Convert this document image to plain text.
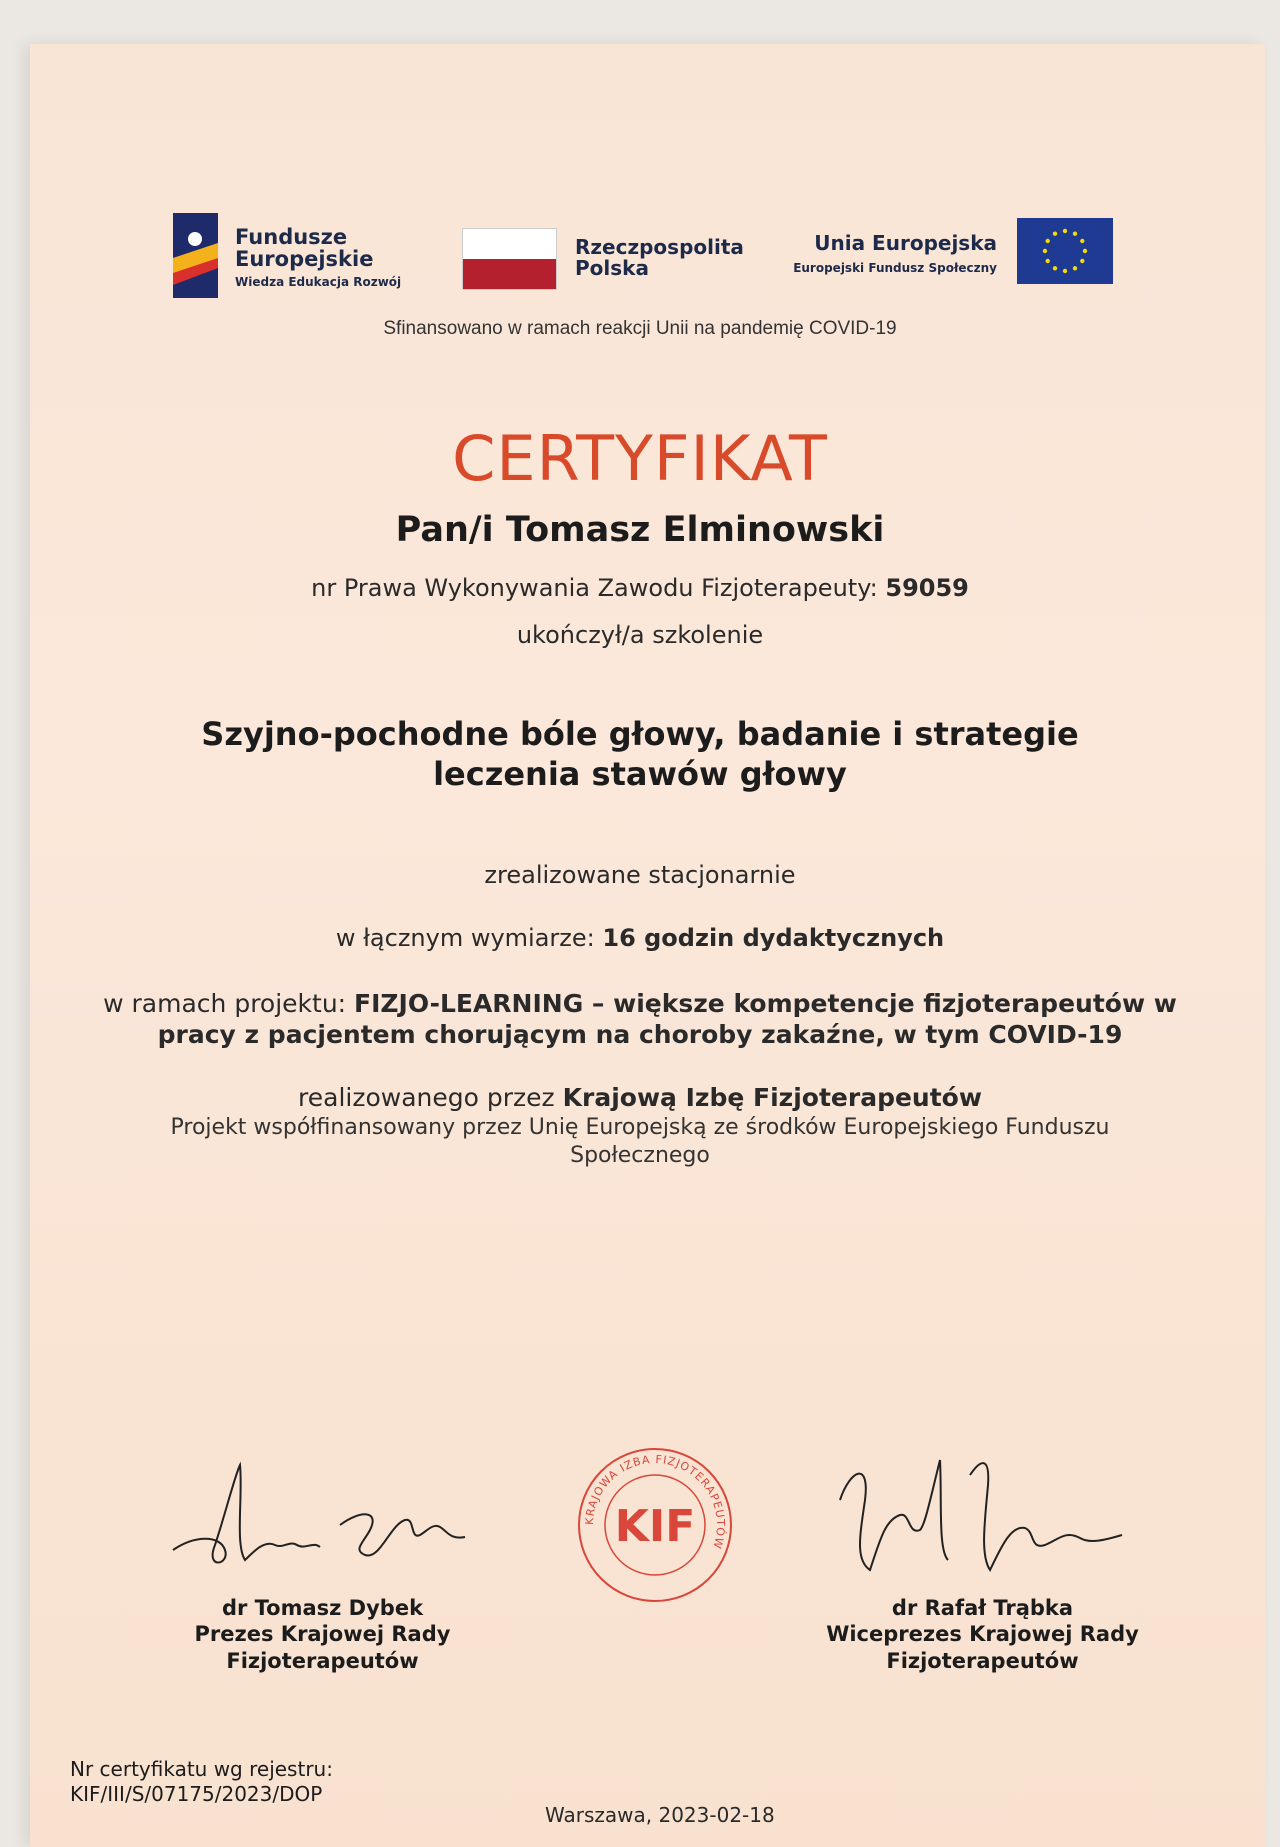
Fundusze
Europejskie
Wiedza Edukacja Rozwój
Rzeczpospolita
Polska
Unia Europejska
Europejski Fundusz Społeczny
Sfinansowano w ramach reakcji Unii na pandemię COVID-19
CERTYFIKAT
Pan/i Tomasz Elminowski
nr Prawa Wykonywania Zawodu Fizjoterapeuty: 59059
ukończył/a szkolenie
Szyjno-pochodne bóle głowy, badanie i strategie
leczenia stawów głowy
zrealizowane stacjonarnie
w łącznym wymiarze: 16 godzin dydaktycznych
w ramach projektu: FIZJO-LEARNING – większe kompetencje fizjoterapeutów w pracy z pacjentem chorującym na choroby zakaźne, w tym COVID-19
realizowanego przez Krajową Izbę Fizjoterapeutów
Projekt współfinansowany przez Unię Europejską ze środków Europejskiego Funduszu Społecznego
KRAJOWA IZBA FIZJOTERAPEUTÓW
KIF
dr Tomasz Dybek
Prezes Krajowej Rady
Fizjoterapeutów
dr Rafał Trąbka
Wiceprezes Krajowej Rady
Fizjoterapeutów
Nr certyfikatu wg rejestru:
KIF/III/S/07175/2023/DOP
Warszawa, 2023-02-18
